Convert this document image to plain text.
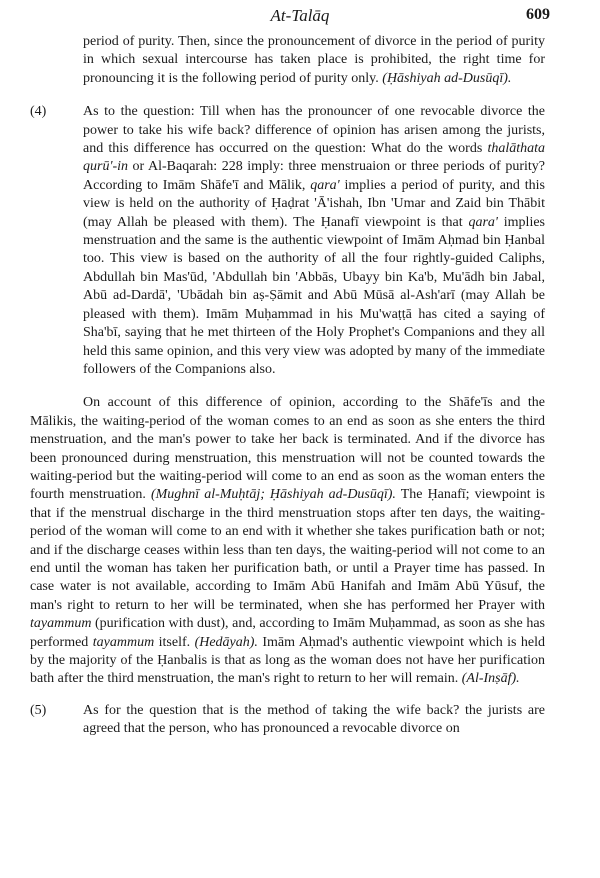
At-Talāq	609

period of purity. Then, since the pronouncement of divorce in the period of purity in which sexual intercourse has taken place is prohibited, the right time for pronouncing it is the following period of purity only. (Ḥāshiyah ad-Dusūqī).

(4)	As to the question: Till when has the pronouncer of one revocable divorce the power to take his wife back? difference of opinion has arisen among the jurists, and this difference has occurred on the question: What do the words thalāthata qurū'-in or Al-Baqarah: 228 imply: three menstruaion or three periods of purity? According to Imām Shāfe'ī and Mālik, qara' implies a period of purity, and this view is held on the authority of Ḥaḍrat 'Ā'ishah, Ibn 'Umar and Zaid bin Thābit (may Allah be pleased with them). The Ḥanafī viewpoint is that qara' implies menstruation and the same is the authentic viewpoint of Imām Aḥmad bin Ḥanbal too. This view is based on the authority of all the four rightly-guided Caliphs, Abdullah bin Mas'ūd, 'Abdullah bin 'Abbās, Ubayy bin Ka'b, Mu'ādh bin Jabal, Abū ad-Dardā', 'Ubādah bin aṣ-Ṣāmit and Abū Mūsā al-Ash'arī (may Allah be pleased with them). Imām Muḥammad in his Mu'waṭṭā has cited a saying of Sha'bī, saying that he met thirteen of the Holy Prophet's Companions and they all held this same opinion, and this very view was adopted by many of the immediate followers of the Companions also.

On account of this difference of opinion, according to the Shāfe'īs and the Mālikis, the waiting-period of the woman comes to an end as soon as she enters the third menstruation, and the man's power to take her back is terminated. And if the divorce has been pronounced during menstruation, this menstruation will not be counted towards the waiting-period but the waiting-period will come to an end as soon as the woman enters the fourth menstruation. (Mughnī al-Muḥtāj; Ḥāshiyah ad-Dusūqī). The Ḥanafī; viewpoint is that if the menstrual discharge in the third menstruation stops after ten days, the waiting-period of the woman will come to an end with it whether she takes purification bath or not; and if the discharge ceases within less than ten days, the waiting-period will not come to an end until the woman has taken her purification bath, or until a Prayer time has passed. In case water is not available, according to Imām Abū Hanifah and Imām Abū Yūsuf, the man's right to return to her will be terminated, when she has performed her Prayer with tayammum (purification with dust), and, according to Imām Muḥammad, as soon as she has performed tayammum itself. (Hedāyah). Imām Aḥmad's authentic viewpoint which is held by the majority of the Ḥanbalis is that as long as the woman does not have her purification bath after the third menstruation, the man's right to return to her will remain. (Al-Inṣāf).

(5)	As for the question that is the method of taking the wife back? the jurists are agreed that the person, who has pronounced a revocable divorce on
